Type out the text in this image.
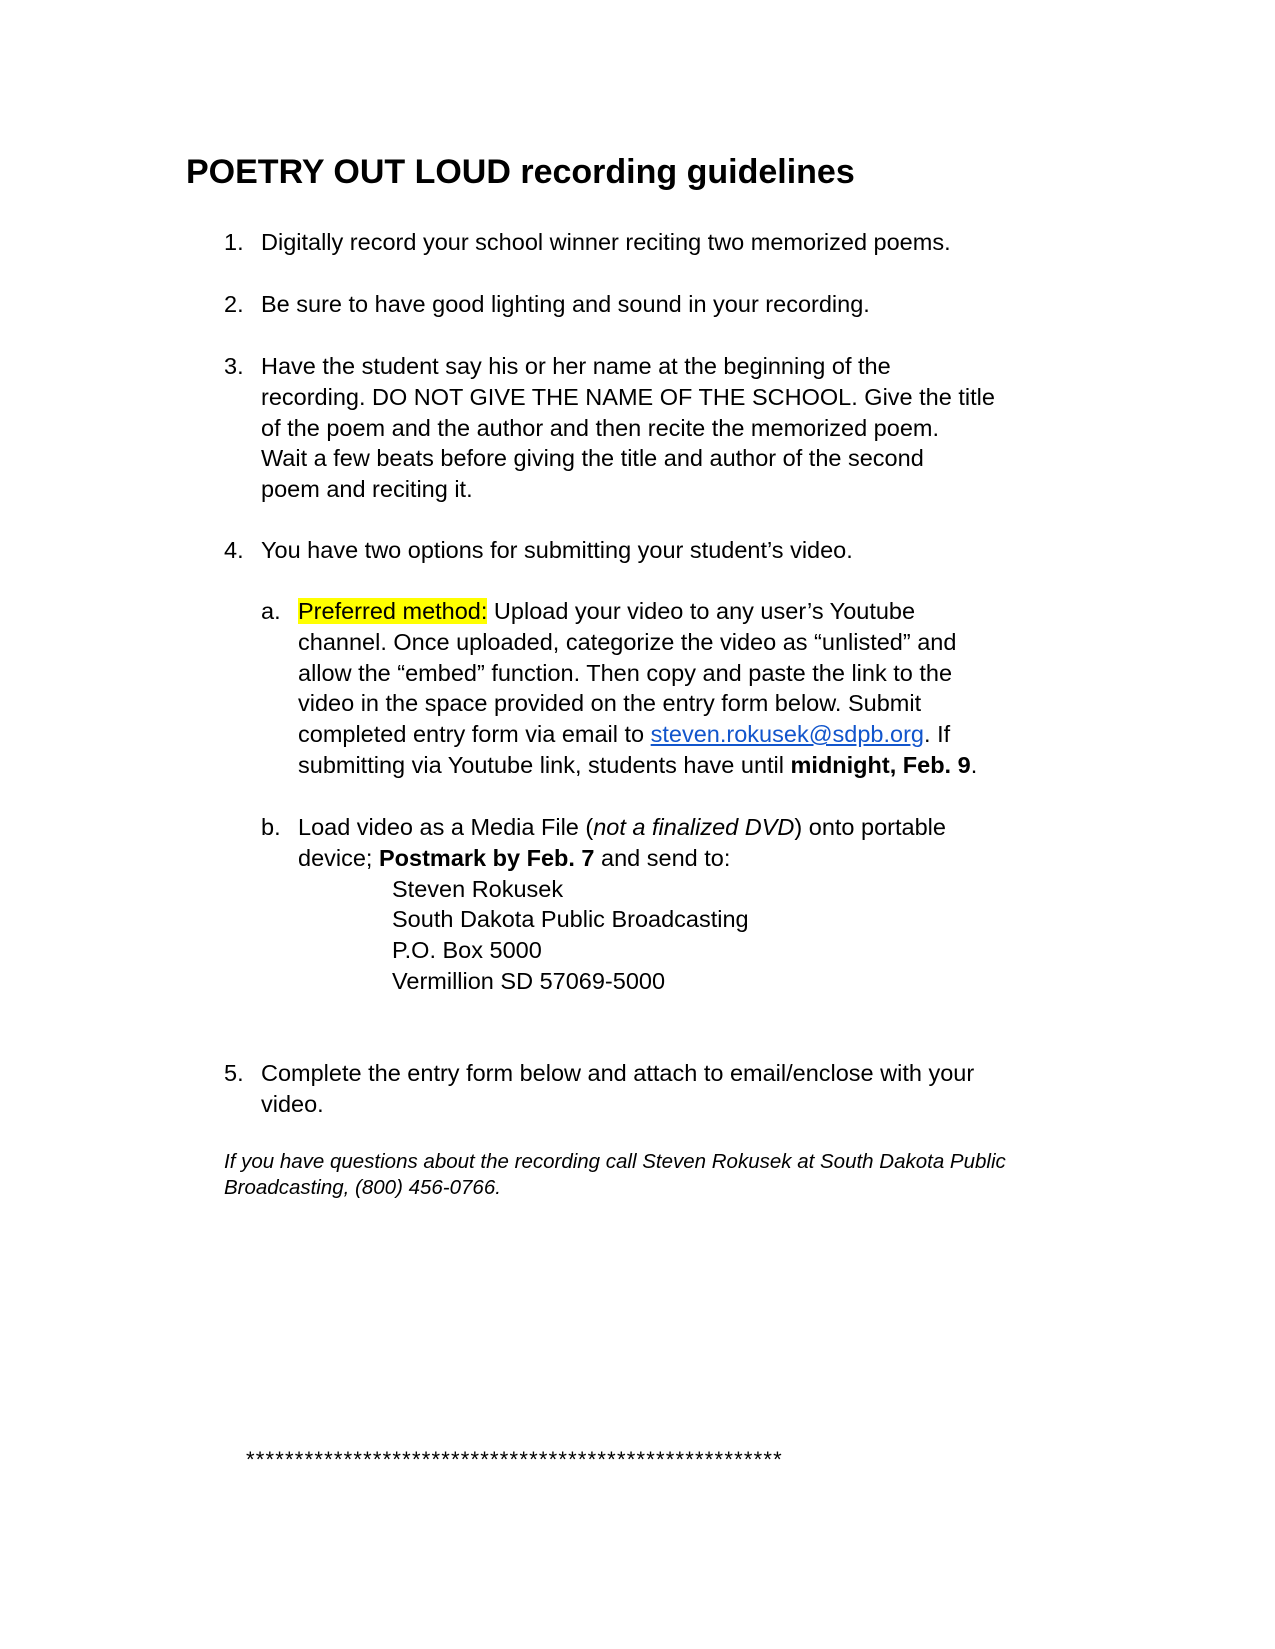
POETRY OUT LOUD recording guidelines
1. Digitally record your school winner reciting two memorized poems.
2. Be sure to have good lighting and sound in your recording.
3. Have the student say his or her name at the beginning of the
recording. DO NOT GIVE THE NAME OF THE SCHOOL. Give the title
of the poem and the author and then recite the memorized poem.
Wait a few beats before giving the title and author of the second
poem and reciting it.
4. You have two options for submitting your student’s video.
a. Preferred method: Upload your video to any user’s Youtube
channel. Once uploaded, categorize the video as “unlisted” and
allow the “embed” function. Then copy and paste the link to the
video in the space provided on the entry form below. Submit
completed entry form via email to steven.rokusek@sdpb.org. If
submitting via Youtube link, students have until midnight, Feb. 9.
b. Load video as a Media File (not a finalized DVD) onto portable
device; Postmark by Feb. 7 and send to:
Steven Rokusek
South Dakota Public Broadcasting
P.O. Box 5000
Vermillion SD 57069-5000
5. Complete the entry form below and attach to email/enclose with your
video.
If you have questions about the recording call Steven Rokusek at South Dakota Public
Broadcasting, (800) 456-0766.
*******************************************************
